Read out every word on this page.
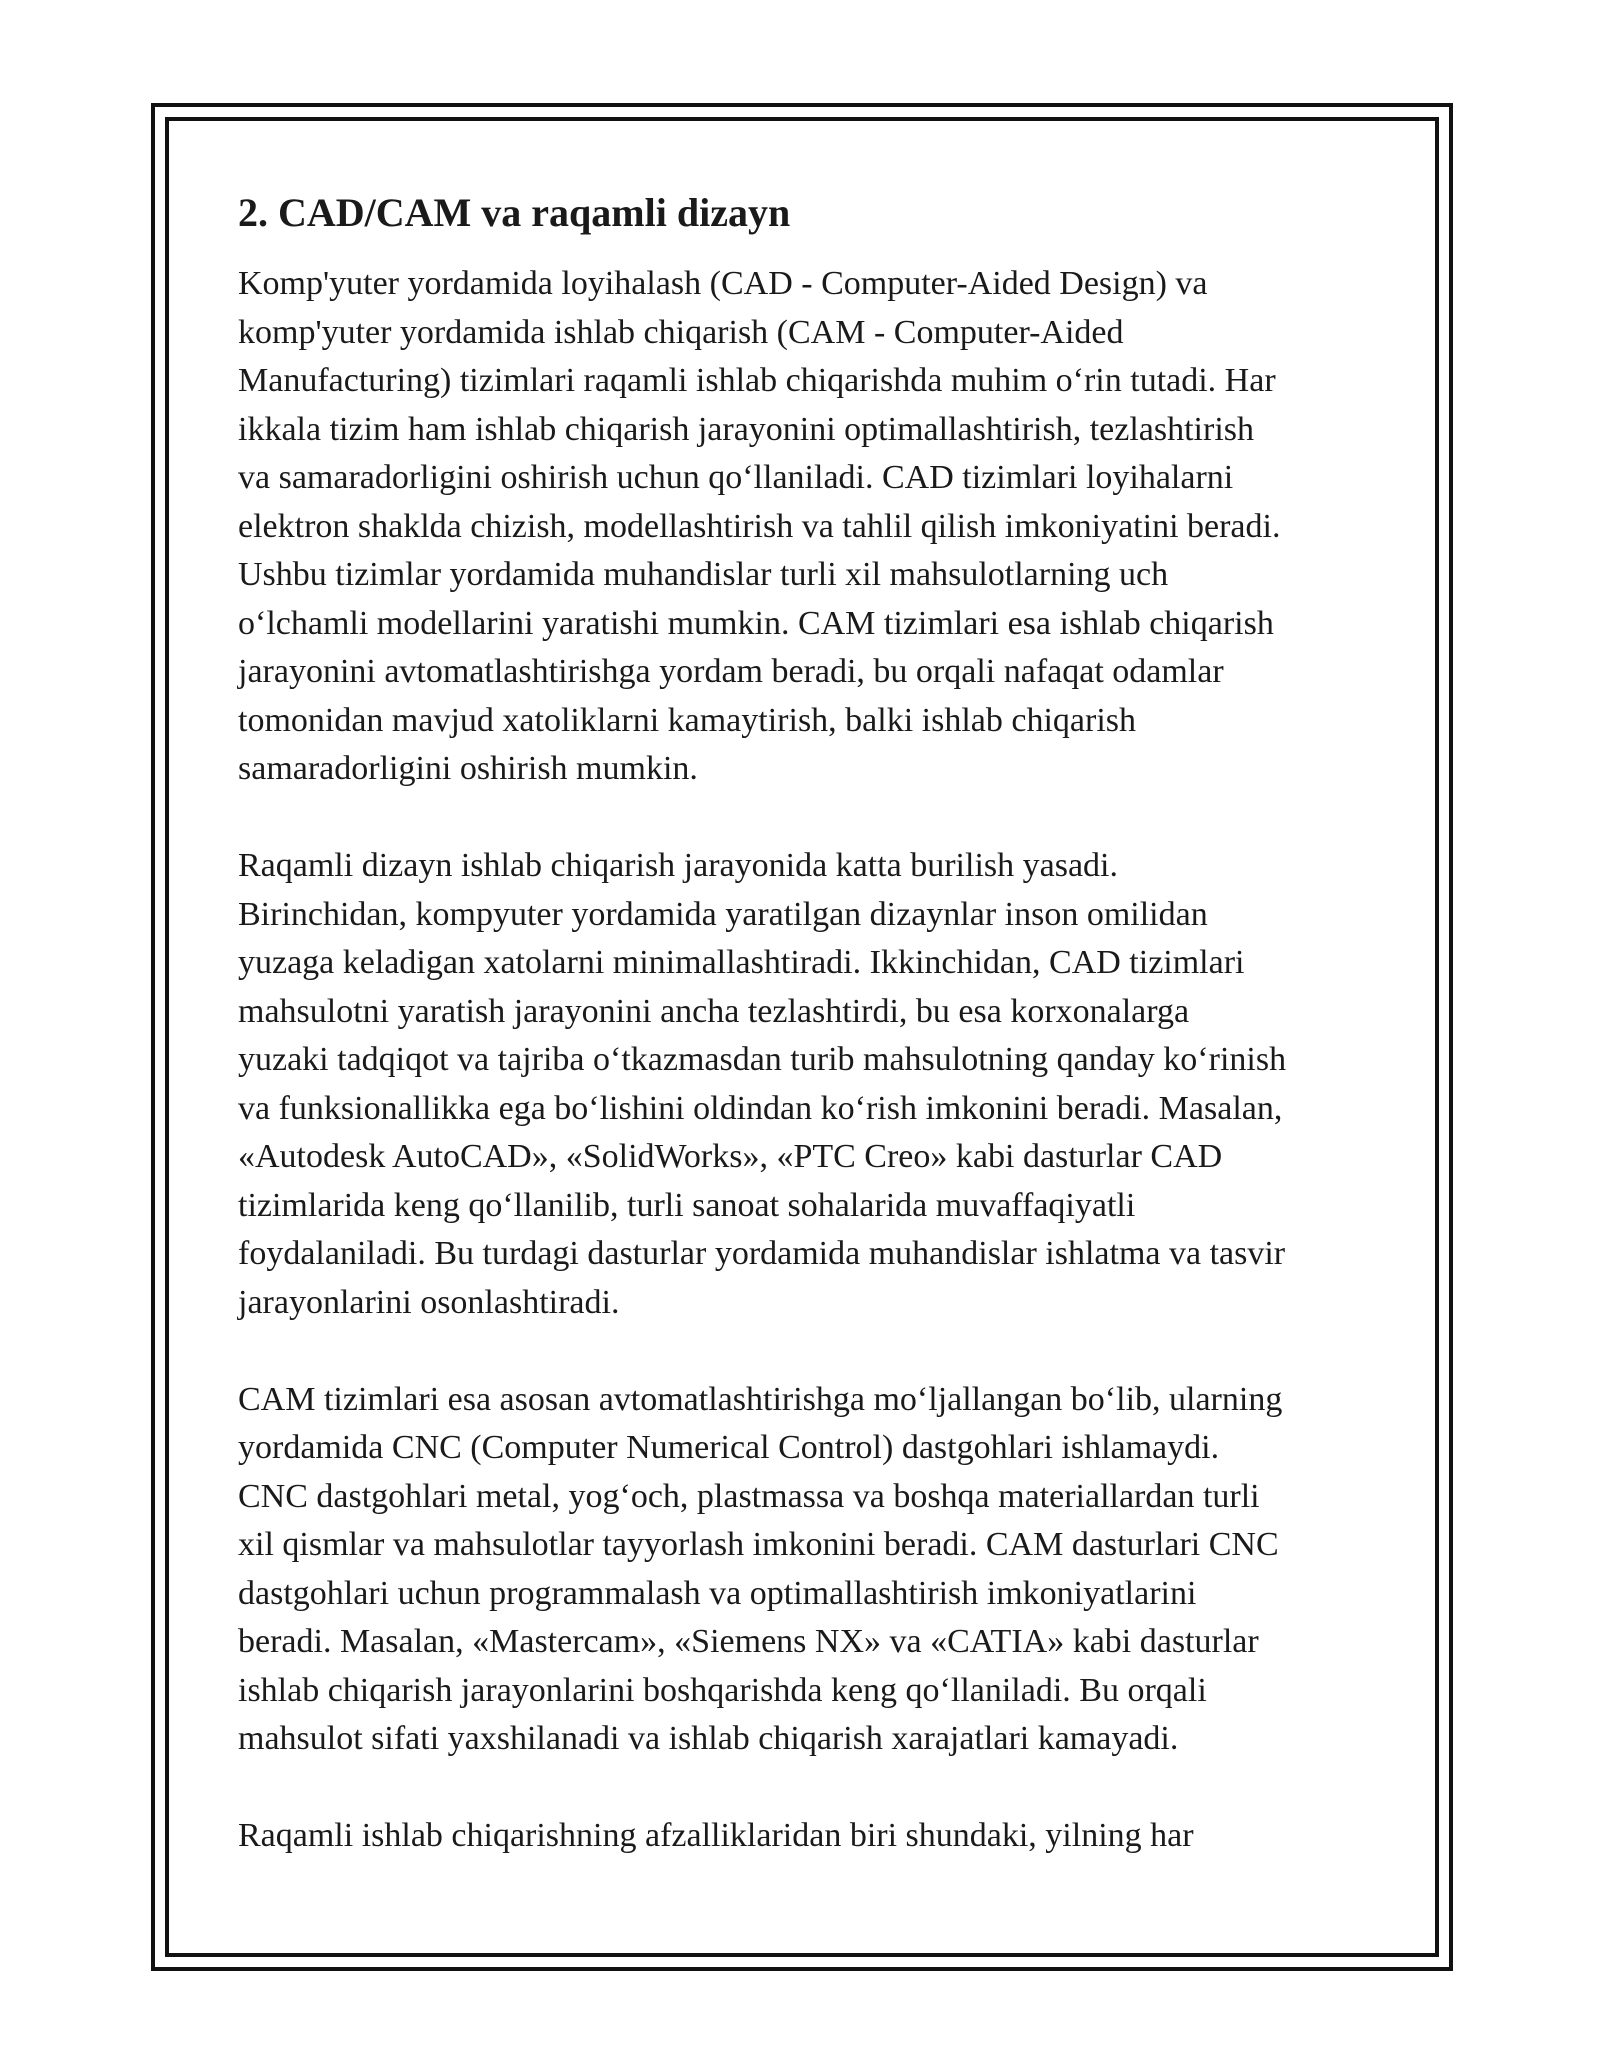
2. CAD/CAM va raqamli dizayn

Komp'yuter yordamida loyihalash (CAD - Computer-Aided Design) va
komp'yuter yordamida ishlab chiqarish (CAM - Computer-Aided
Manufacturing) tizimlari raqamli ishlab chiqarishda muhim o‘rin tutadi. Har
ikkala tizim ham ishlab chiqarish jarayonini optimallashtirish, tezlashtirish
va samaradorligini oshirish uchun qo‘llaniladi. CAD tizimlari loyihalarni
elektron shaklda chizish, modellashtirish va tahlil qilish imkoniyatini beradi.
Ushbu tizimlar yordamida muhandislar turli xil mahsulotlarning uch
o‘lchamli modellarini yaratishi mumkin. CAM tizimlari esa ishlab chiqarish
jarayonini avtomatlashtirishga yordam beradi, bu orqali nafaqat odamlar
tomonidan mavjud xatoliklarni kamaytirish, balki ishlab chiqarish
samaradorligini oshirish mumkin.

Raqamli dizayn ishlab chiqarish jarayonida katta burilish yasadi.
Birinchidan, kompyuter yordamida yaratilgan dizaynlar inson omilidan
yuzaga keladigan xatolarni minimallashtiradi. Ikkinchidan, CAD tizimlari
mahsulotni yaratish jarayonini ancha tezlashtirdi, bu esa korxonalarga
yuzaki tadqiqot va tajriba o‘tkazmasdan turib mahsulotning qanday ko‘rinish
va funksionallikka ega bo‘lishini oldindan ko‘rish imkonini beradi. Masalan,
«Autodesk AutoCAD», «SolidWorks», «PTC Creo» kabi dasturlar CAD
tizimlarida keng qo‘llanilib, turli sanoat sohalarida muvaffaqiyatli
foydalaniladi. Bu turdagi dasturlar yordamida muhandislar ishlatma va tasvir
jarayonlarini osonlashtiradi.

CAM tizimlari esa asosan avtomatlashtirishga mo‘ljallangan bo‘lib, ularning
yordamida CNC (Computer Numerical Control) dastgohlari ishlamaydi.
CNC dastgohlari metal, yog‘och, plastmassa va boshqa materiallardan turli
xil qismlar va mahsulotlar tayyorlash imkonini beradi. CAM dasturlari CNC
dastgohlari uchun programmalash va optimallashtirish imkoniyatlarini
beradi. Masalan, «Mastercam», «Siemens NX» va «CATIA» kabi dasturlar
ishlab chiqarish jarayonlarini boshqarishda keng qo‘llaniladi. Bu orqali
mahsulot sifati yaxshilanadi va ishlab chiqarish xarajatlari kamayadi.

Raqamli ishlab chiqarishning afzalliklaridan biri shundaki, yilning har
